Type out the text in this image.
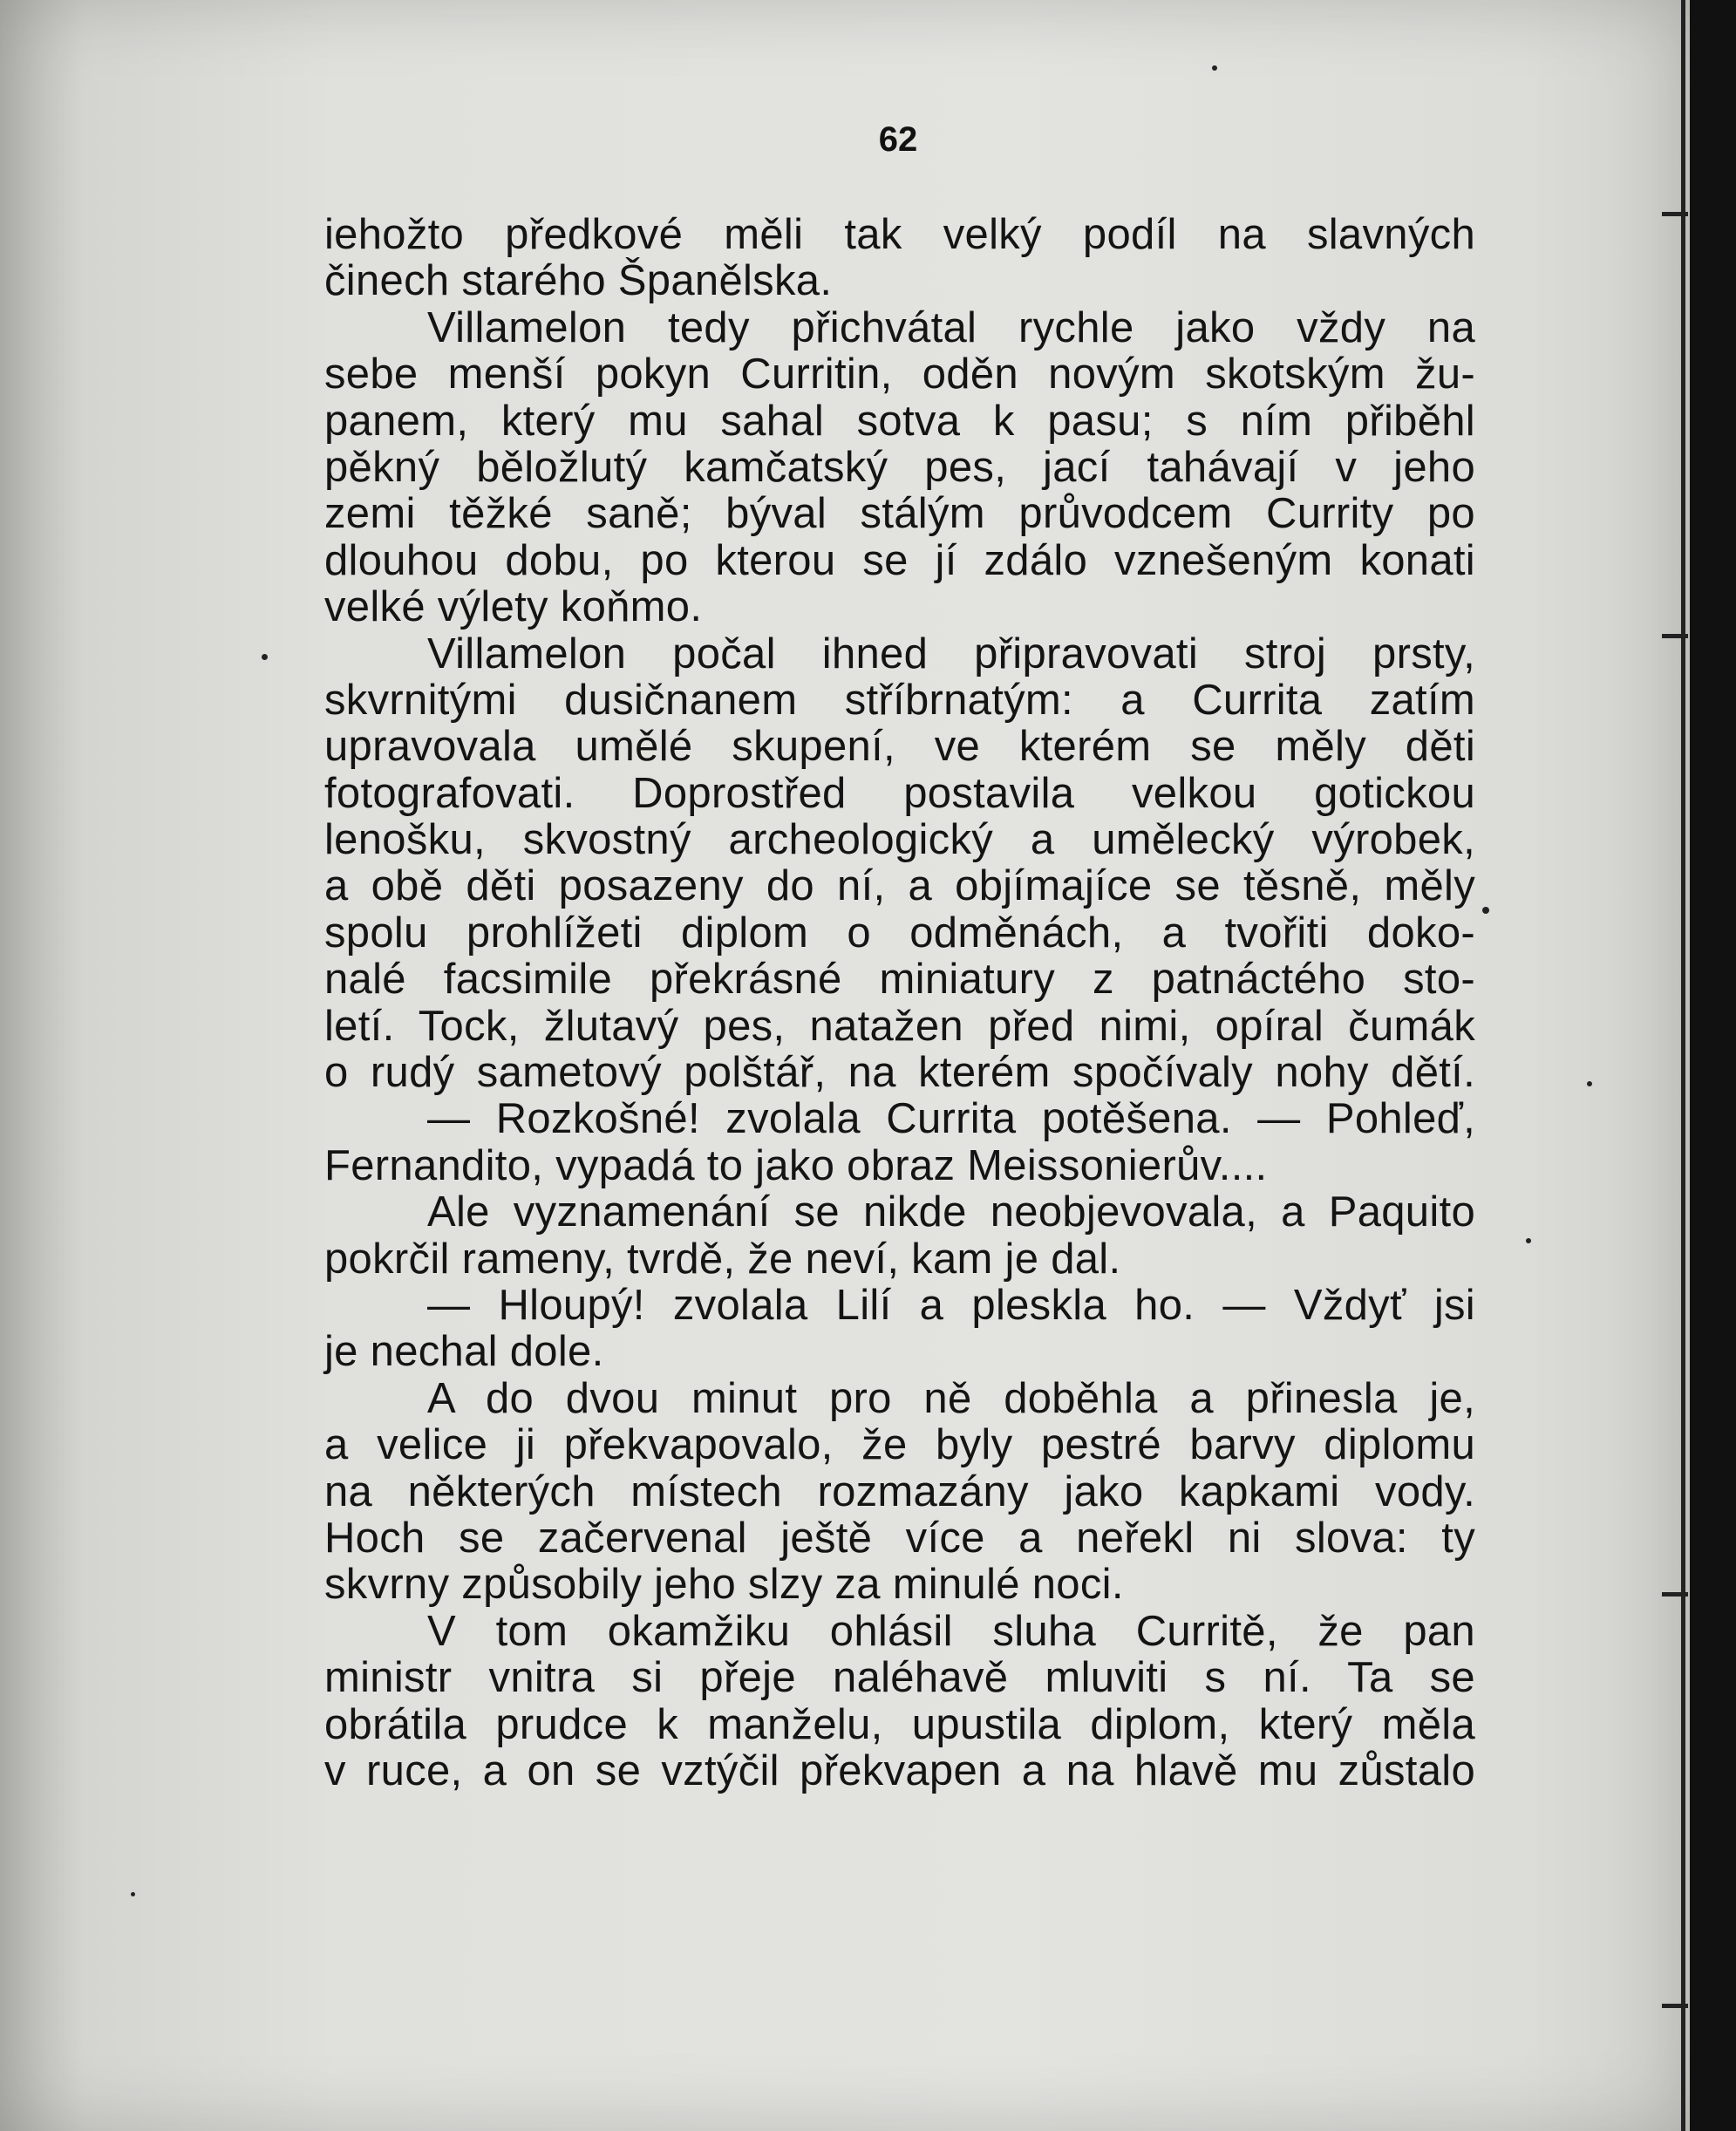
62
iehožto předkové měli tak velký podíl na slavných
činech starého Španělska.
Villamelon tedy přichvátal rychle jako vždy na
sebe menší pokyn Curritin, oděn novým skotským žu-
panem, který mu sahal sotva k pasu; s ním přiběhl
pěkný běložlutý kamčatský pes, jací tahávají v jeho
zemi těžké saně; býval stálým průvodcem Currity po
dlouhou dobu, po kterou se jí zdálo vznešeným konati
velké výlety koňmo.
Villamelon počal ihned připravovati stroj prsty,
skvrnitými dusičnanem stříbrnatým: a Currita zatím
upravovala umělé skupení, ve kterém se měly děti
fotografovati. Doprostřed postavila velkou gotickou
lenošku, skvostný archeologický a umělecký výrobek,
a obě děti posazeny do ní, a objímajíce se těsně, měly
spolu prohlížeti diplom o odměnách, a tvořiti doko-
nalé facsimile překrásné miniatury z patnáctého sto-
letí. Tock, žlutavý pes, natažen před nimi, opíral čumák
o rudý sametový polštář, na kterém spočívaly nohy dětí.
— Rozkošné! zvolala Currita potěšena. — Pohleď,
Fernandito, vypadá to jako obraz Meissonierův....
Ale vyznamenání se nikde neobjevovala, a Paquito
pokrčil rameny, tvrdě, že neví, kam je dal.
— Hloupý! zvolala Lilí a pleskla ho. — Vždyť jsi
je nechal dole.
A do dvou minut pro ně doběhla a přinesla je,
a velice ji překvapovalo, že byly pestré barvy diplomu
na některých místech rozmazány jako kapkami vody.
Hoch se začervenal ještě více a neřekl ni slova: ty
skvrny způsobily jeho slzy za minulé noci.
V tom okamžiku ohlásil sluha Curritě, že pan
ministr vnitra si přeje naléhavě mluviti s ní. Ta se
obrátila prudce k manželu, upustila diplom, který měla
v ruce, a on se vztýčil překvapen a na hlavě mu zůstalo
